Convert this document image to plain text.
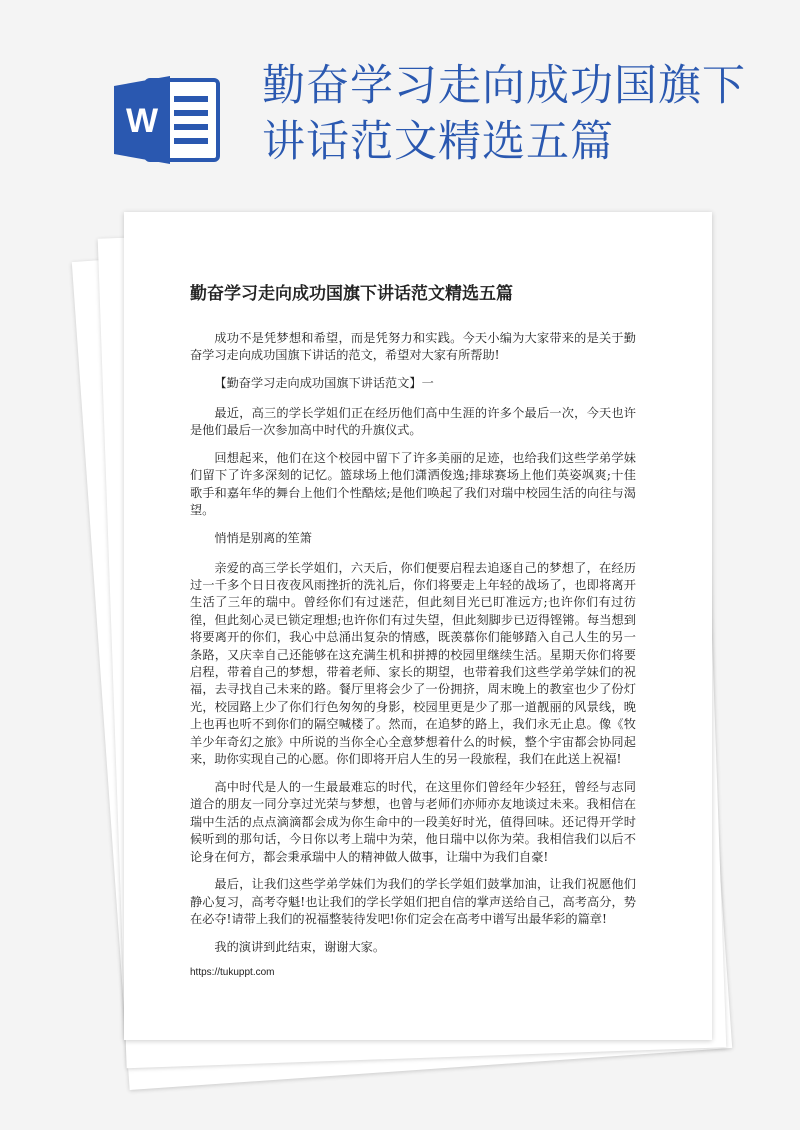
W
勤奋学习走向成功国旗下讲话范文精选五篇
勤奋学习走向成功国旗下讲话范文精选五篇

成功不是凭梦想和希望，而是凭努力和实践。今天小编为大家带来的是关于勤奋学习走向成功国旗下讲话的范文，希望对大家有所帮助!

【勤奋学习走向成功国旗下讲话范文】一

最近，高三的学长学姐们正在经历他们高中生涯的许多个最后一次，今天也许是他们最后一次参加高中时代的升旗仪式。

回想起来，他们在这个校园中留下了许多美丽的足迹，也给我们这些学弟学妹们留下了许多深刻的记忆。篮球场上他们潇洒俊逸;排球赛场上他们英姿飒爽;十佳歌手和嘉年华的舞台上他们个性酷炫;是他们唤起了我们对瑞中校园生活的向往与渴望。

悄悄是别离的笙箫

亲爱的高三学长学姐们，六天后，你们便要启程去追逐自己的梦想了，在经历过一千多个日日夜夜风雨挫折的洗礼后，你们将要走上年轻的战场了，也即将离开生活了三年的瑞中。曾经你们有过迷茫，但此刻目光已盯准远方;也许你们有过彷徨，但此刻心灵已锁定理想;也许你们有过失望，但此刻脚步已迈得铿锵。每当想到将要离开的你们，我心中总涌出复杂的情感，既羡慕你们能够踏入自己人生的另一条路，又庆幸自己还能够在这充满生机和拼搏的校园里继续生活。星期天你们将要启程，带着自己的梦想，带着老师、家长的期望，也带着我们这些学弟学妹们的祝福，去寻找自己未来的路。餐厅里将会少了一份拥挤，周末晚上的教室也少了份灯光，校园路上少了你们行色匆匆的身影，校园里更是少了那一道靓丽的风景线，晚上也再也听不到你们的隔空喊楼了。然而，在追梦的路上，我们永无止息。像《牧羊少年奇幻之旅》中所说的当你全心全意梦想着什么的时候，整个宇宙都会协同起来，助你实现自己的心愿。你们即将开启人生的另一段旅程，我们在此送上祝福!

高中时代是人的一生最最难忘的时代，在这里你们曾经年少轻狂，曾经与志同道合的朋友一同分享过光荣与梦想，也曾与老师们亦师亦友地谈过未来。我相信在瑞中生活的点点滴滴都会成为你生命中的一段美好时光，值得回味。还记得开学时候听到的那句话，今日你以考上瑞中为荣，他日瑞中以你为荣。我相信我们以后不论身在何方，都会秉承瑞中人的精神做人做事，让瑞中为我们自豪!

最后，让我们这些学弟学妹们为我们的学长学姐们鼓掌加油，让我们祝愿他们静心复习，高考夺魁!也让我们的学长学姐们把自信的掌声送给自己，高考高分，势在必夺!请带上我们的祝福整装待发吧!你们定会在高考中谱写出最华彩的篇章!

我的演讲到此结束，谢谢大家。

https://tukuppt.com
